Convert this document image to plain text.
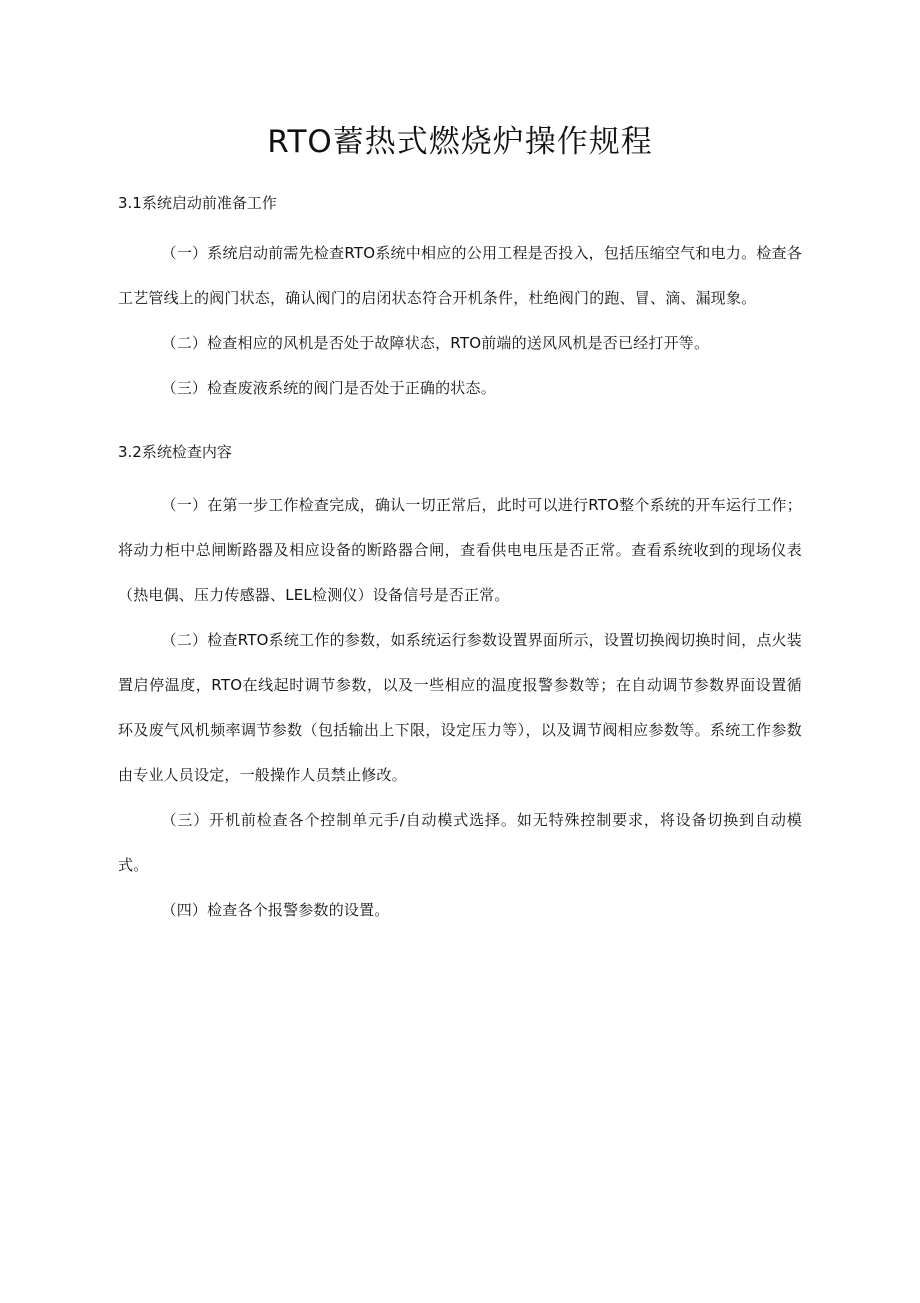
RTO蓄热式燃烧炉操作规程
3.1系统启动前准备工作

（一）系统启动前需先检查RTO系统中相应的公用工程是否投入，包括压缩空气和电力。检查各工艺管线上的阀门状态，确认阀门的启闭状态符合开机条件，杜绝阀门的跑、冒、滴、漏现象。

（二）检查相应的风机是否处于故障状态，RTO前端的送风风机是否已经打开等。

（三）检查废液系统的阀门是否处于正确的状态。

3.2系统检查内容

（一）在第一步工作检查完成，确认一切正常后，此时可以进行RTO整个系统的开车运行工作；将动力柜中总闸断路器及相应设备的断路器合闸，查看供电电压是否正常。查看系统收到的现场仪表（热电偶、压力传感器、LEL检测仪）设备信号是否正常。

（二）检查RTO系统工作的参数，如系统运行参数设置界面所示，设置切换阀切换时间，点火装置启停温度，RTO在线起时调节参数，以及一些相应的温度报警参数等；在自动调节参数界面设置循环及废气风机频率调节参数（包括输出上下限，设定压力等），以及调节阀相应参数等。系统工作参数由专业人员设定，一般操作人员禁止修改。

（三）开机前检查各个控制单元手/自动模式选择。如无特殊控制要求，将设备切换到自动模式。

（四）检查各个报警参数的设置。
